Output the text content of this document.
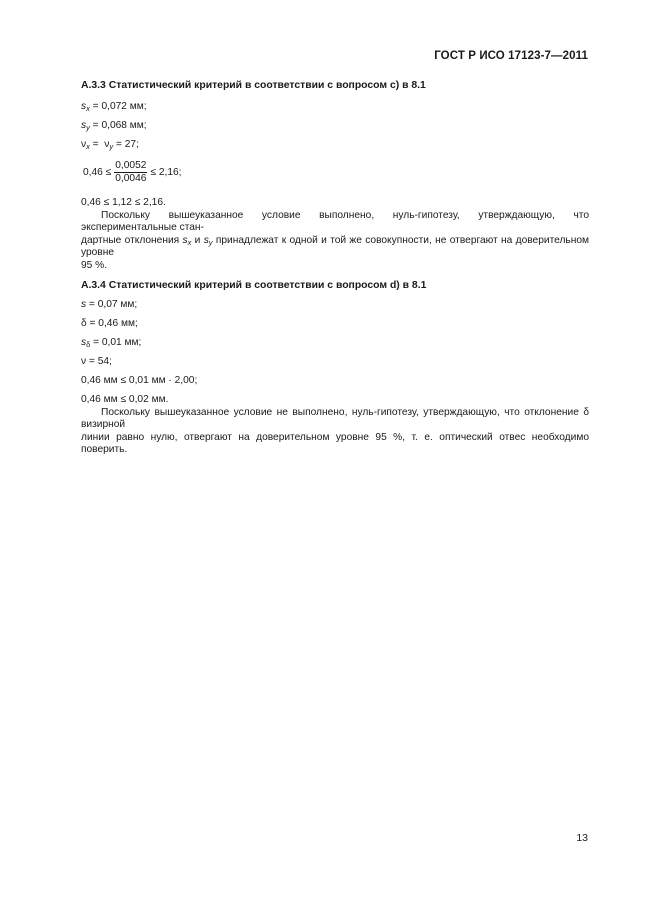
ГОСТ Р ИСО 17123-7—2011

А.3.3 Статистический критерий в соответствии с вопросом с) в 8.1

$s_x = 0,072$ мм;

$s_y = 0,068$ мм;

$\nu_x = \nu_y = 27$;

$0,46 \le \frac{0,0052}{0,0046} \le 2,16$;

0,46 ≤ 1,12 ≤ 2,16.

Поскольку вышеуказанное условие выполнено, нуль-гипотезу, утверждающую, что экспериментальные стан-
дартные отклонения $s_x$ и $s_y$ принадлежат к одной и той же совокупности, не отвергают на доверительном уровне
95 %.

А.3.4 Статистический критерий в соответствии с вопросом d) в 8.1

s = 0,07 мм;

δ = 0,46 мм;

$s_\delta = 0,01$ мм;

ν = 54;

0,46 мм ≤ 0,01 мм · 2,00;

0,46 мм ≤ 0,02 мм.

Поскольку вышеуказанное условие не выполнено, нуль-гипотезу, утверждающую, что отклонение δ визирной
линии равно нулю, отвергают на доверительном уровне 95 %, т. е. оптический отвес необходимо поверить.

13
